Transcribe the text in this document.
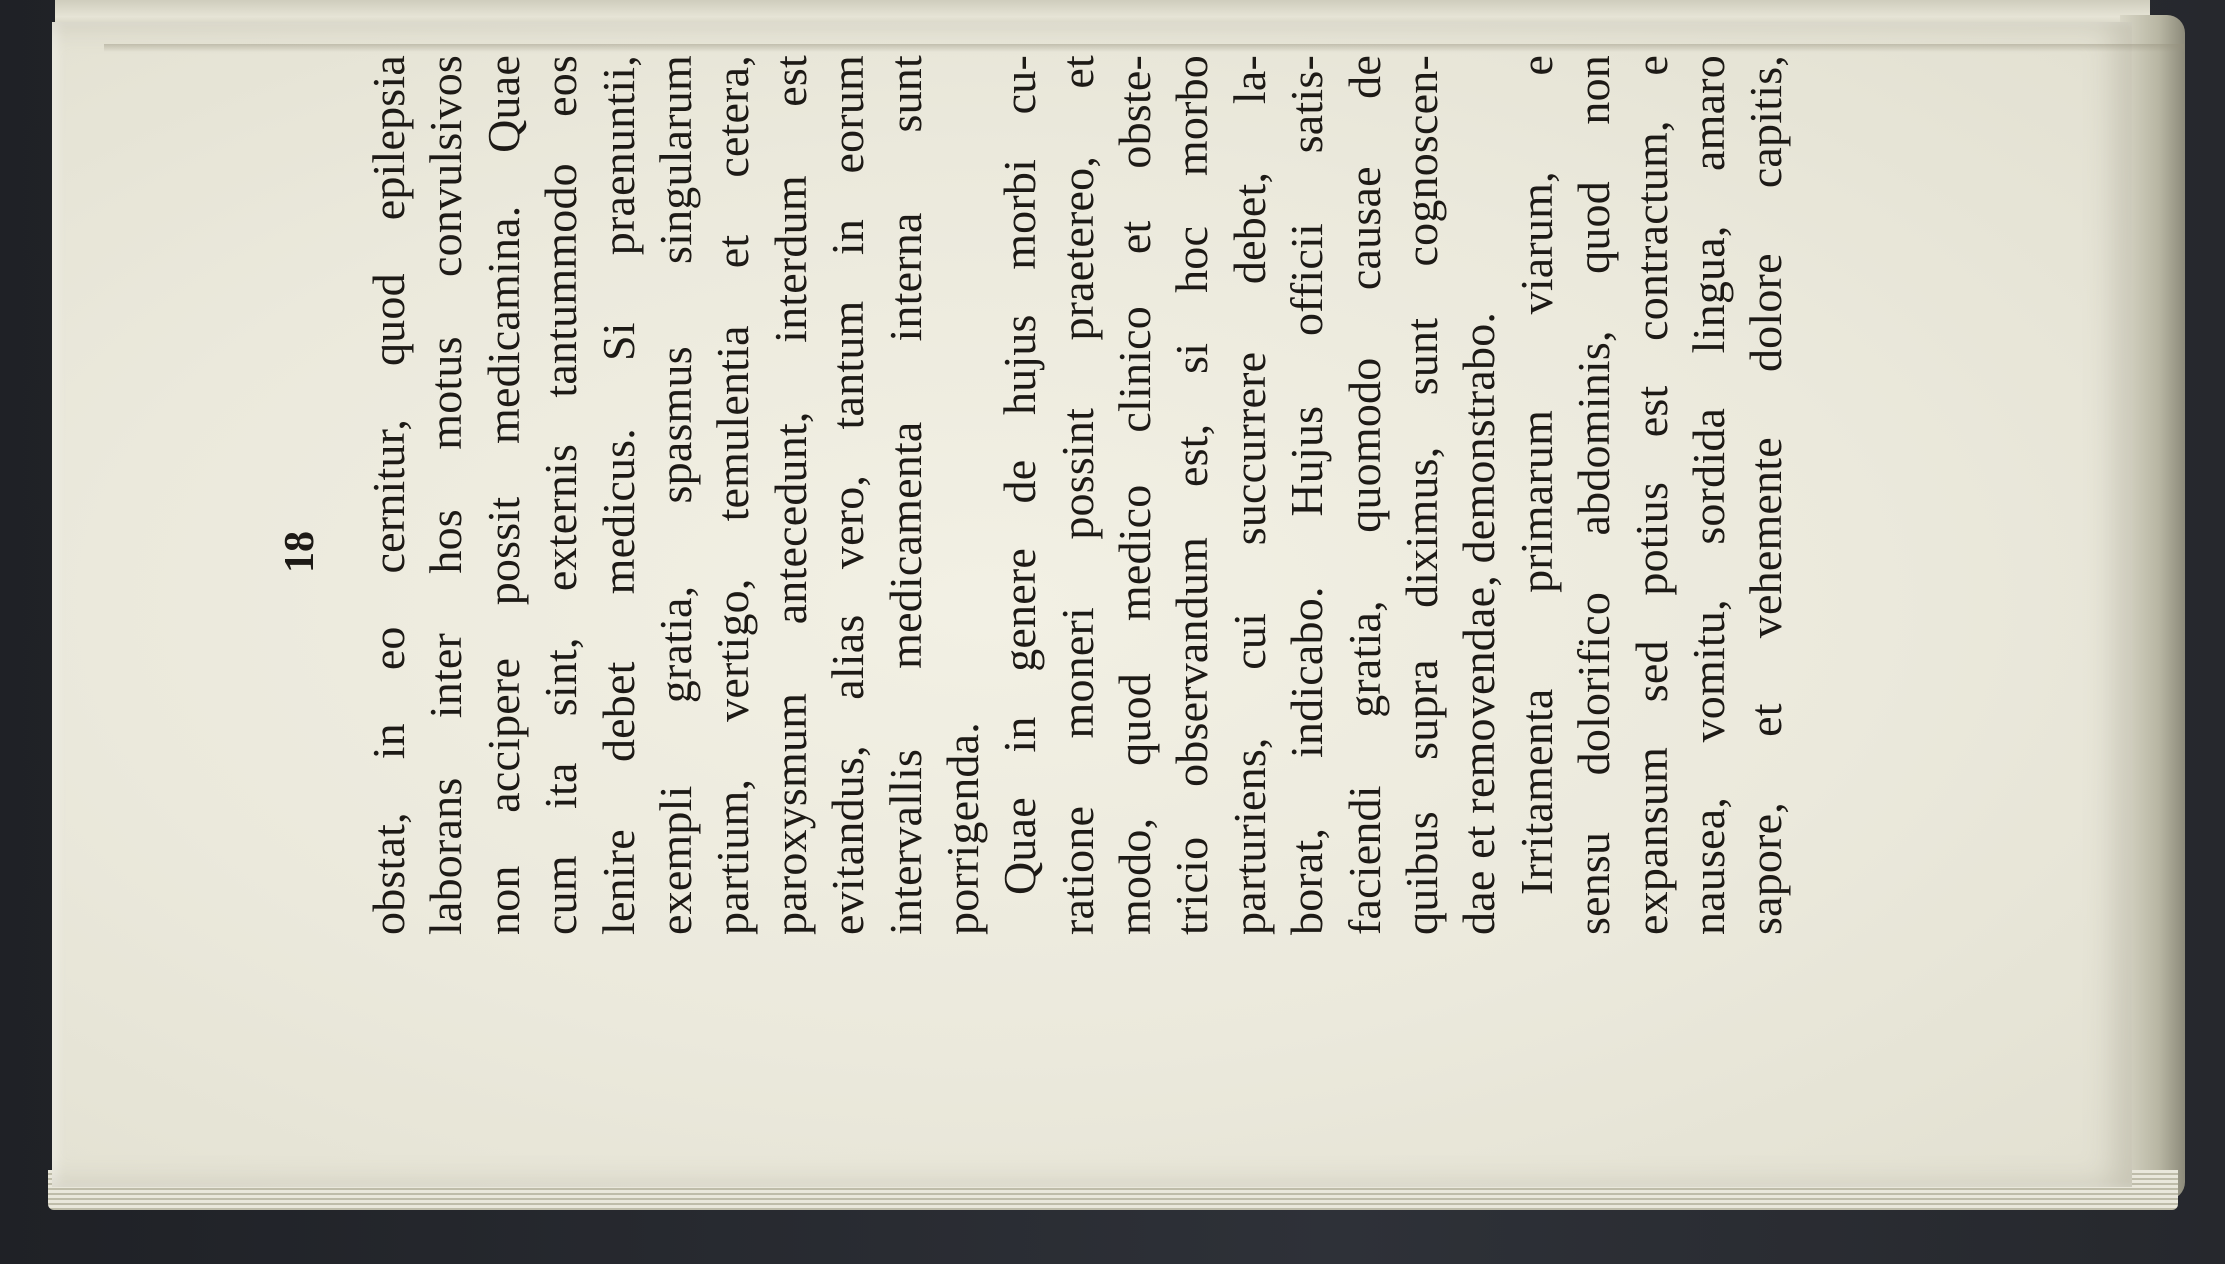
18 obstat, in eo cernitur, quod epilepsia laborans inter hos motus convulsivos non accipere possit medicamina. Quae cum ita sint, externis tantummodo eos lenire debet medicus. Si praenuntii, exempli gratia, spasmus singularum partium, vertigo, temulentia et cetera, paroxysmum antecedunt, interdum est evitandus, alias vero, tantum in eorum intervallis medicamenta interna sunt porrigenda. Quae in genere de hujus morbi cu- ratione moneri possint praetereo, et modo, quod medico clinico et obste- tricio observandum est, si hoc morbo parturiens, cui succurrere debet, la- borat, indicabo. Hujus officii satis- faciendi gratia, quomodo causae de quibus supra diximus, sunt cognoscen- dae et removendae, demonstrabo. Irritamenta primarum viarum, e sensu dolorifico abdominis, quod non expansum sed potius est contractum, e nausea, vomitu, sordida lingua, amaro sapore, et vehemente dolore capitis,
